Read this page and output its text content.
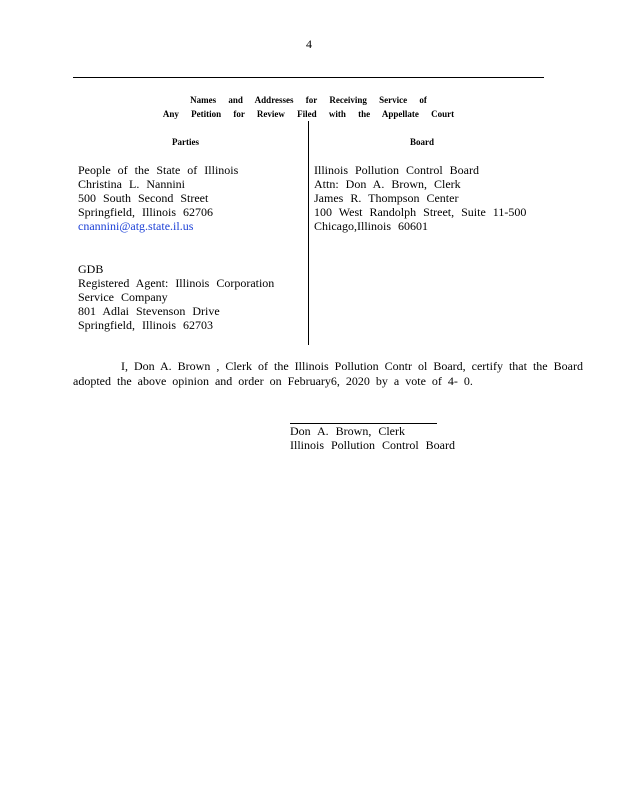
4
Names and Addresses for Receiving Service of
Any Petition for Review Filed with the Appellate Court
Parties	Board
People of the State of Illinois
Christina L. Nannini
500 South Second Street
Springfield, Illinois 62706
cnannini@atg.state.il.us
GDB
Registered Agent: Illinois Corporation
Service Company
801 Adlai Stevenson Drive
Springfield, Illinois 62703
Illinois Pollution Control Board
Attn: Don A. Brown, Clerk
James R. Thompson Center
100 West Randolph Street, Suite 11-500
Chicago,Illinois 60601
I, Don A. Brown , Clerk of the Illinois Pollution Contr ol Board, certify that the Board
adopted the above opinion and order on February6, 2020 by a vote of 4- 0.
Don A. Brown, Clerk
Illinois Pollution Control Board
